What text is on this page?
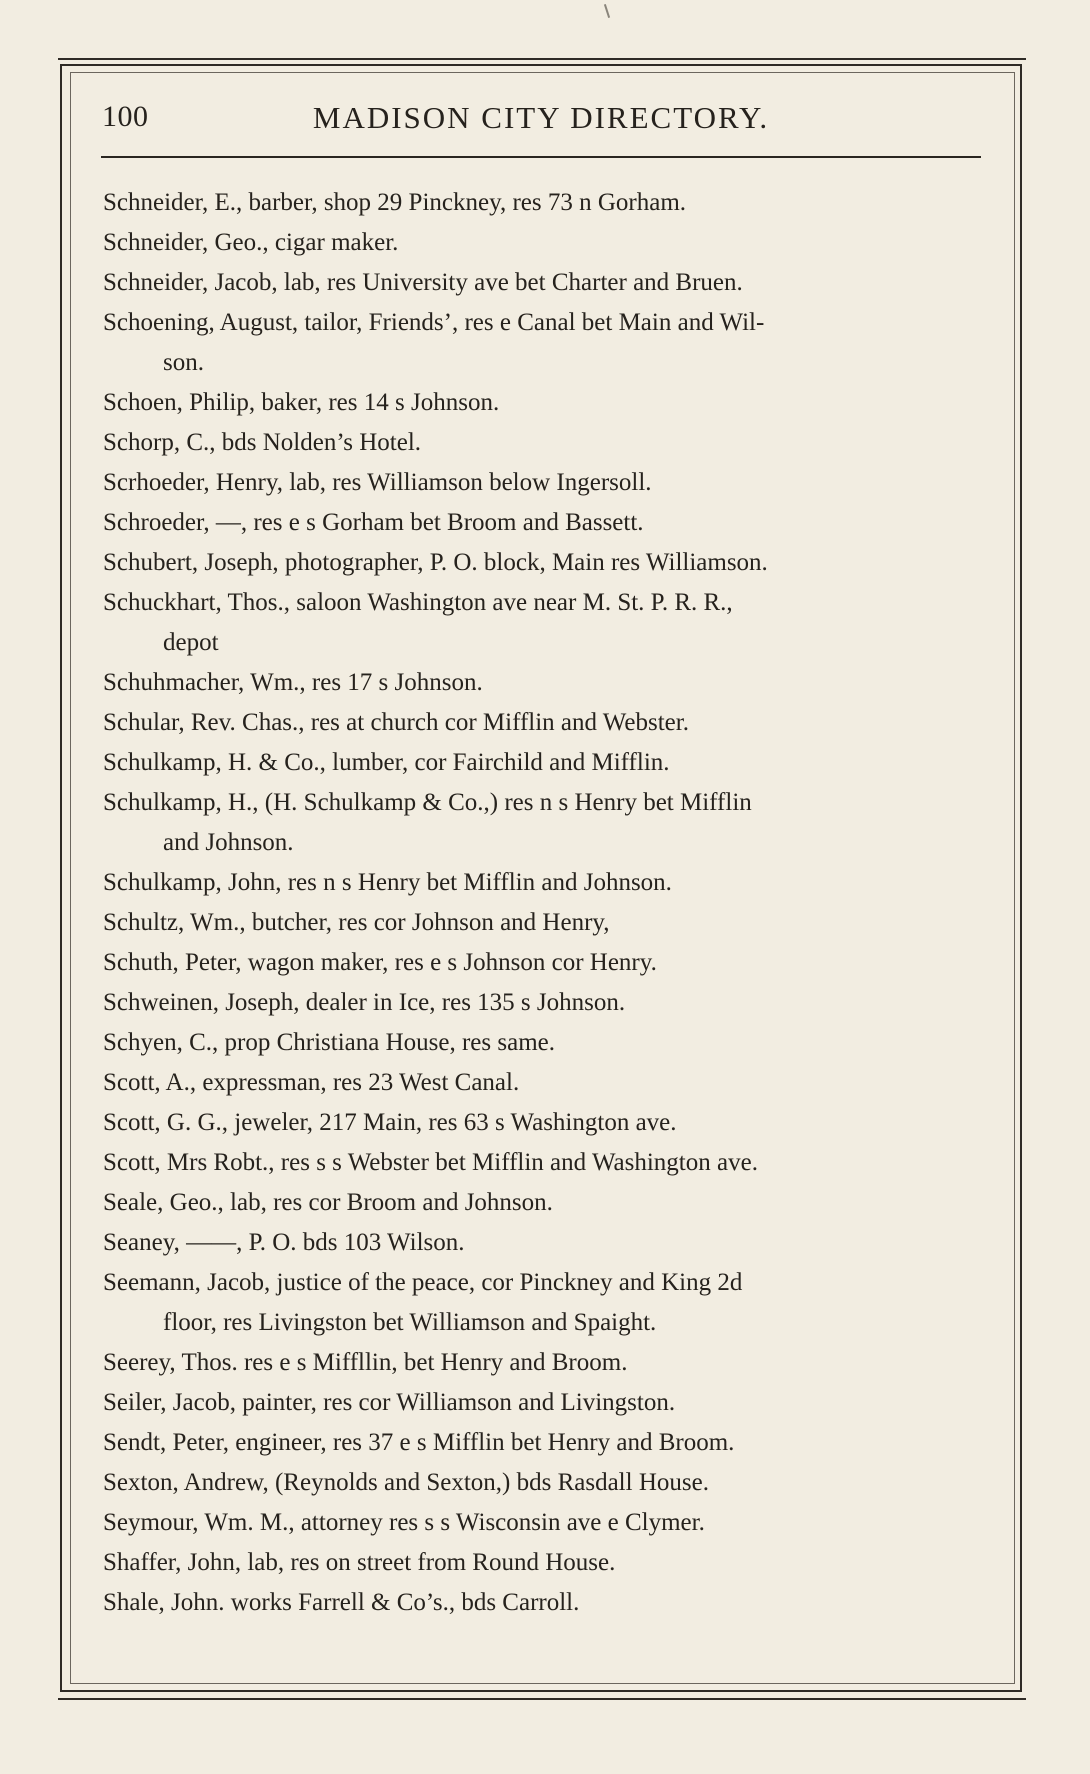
100	MADISON CITY DIRECTORY.
Schneider, E., barber, shop 29 Pinckney, res 73 n Gorham.
Schneider, Geo., cigar maker.
Schneider, Jacob, lab, res University ave bet Charter and Bruen.
Schoening, August, tailor, Friends’, res e Canal bet Main and Wil-
son.
Schoen, Philip, baker, res 14 s Johnson.
Schorp, C., bds Nolden’s Hotel.
Scrhoeder, Henry, lab, res Williamson below Ingersoll.
Schroeder, —, res e s Gorham bet Broom and Bassett.
Schubert, Joseph, photographer, P. O. block, Main res Williamson.
Schuckhart, Thos., saloon Washington ave near M. St. P. R. R.,
depot
Schuhmacher, Wm., res 17 s Johnson.
Schular, Rev. Chas., res at church cor Mifflin and Webster.
Schulkamp, H. & Co., lumber, cor Fairchild and Mifflin.
Schulkamp, H., (H. Schulkamp & Co.,) res n s Henry bet Mifflin
and Johnson.
Schulkamp, John, res n s Henry bet Mifflin and Johnson.
Schultz, Wm., butcher, res cor Johnson and Henry,
Schuth, Peter, wagon maker, res e s Johnson cor Henry.
Schweinen, Joseph, dealer in Ice, res 135 s Johnson.
Schyen, C., prop Christiana House, res same.
Scott, A., expressman, res 23 West Canal.
Scott, G. G., jeweler, 217 Main, res 63 s Washington ave.
Scott, Mrs Robt., res s s Webster bet Mifflin and Washington ave.
Seale, Geo., lab, res cor Broom and Johnson.
Seaney, ——, P. O. bds 103 Wilson.
Seemann, Jacob, justice of the peace, cor Pinckney and King 2d
floor, res Livingston bet Williamson and Spaight.
Seerey, Thos. res e s Miffllin, bet Henry and Broom.
Seiler, Jacob, painter, res cor Williamson and Livingston.
Sendt, Peter, engineer, res 37 e s Mifflin bet Henry and Broom.
Sexton, Andrew, (Reynolds and Sexton,) bds Rasdall House.
Seymour, Wm. M., attorney res s s Wisconsin ave e Clymer.
Shaffer, John, lab, res on street from Round House.
Shale, John. works Farrell & Co’s., bds Carroll.
